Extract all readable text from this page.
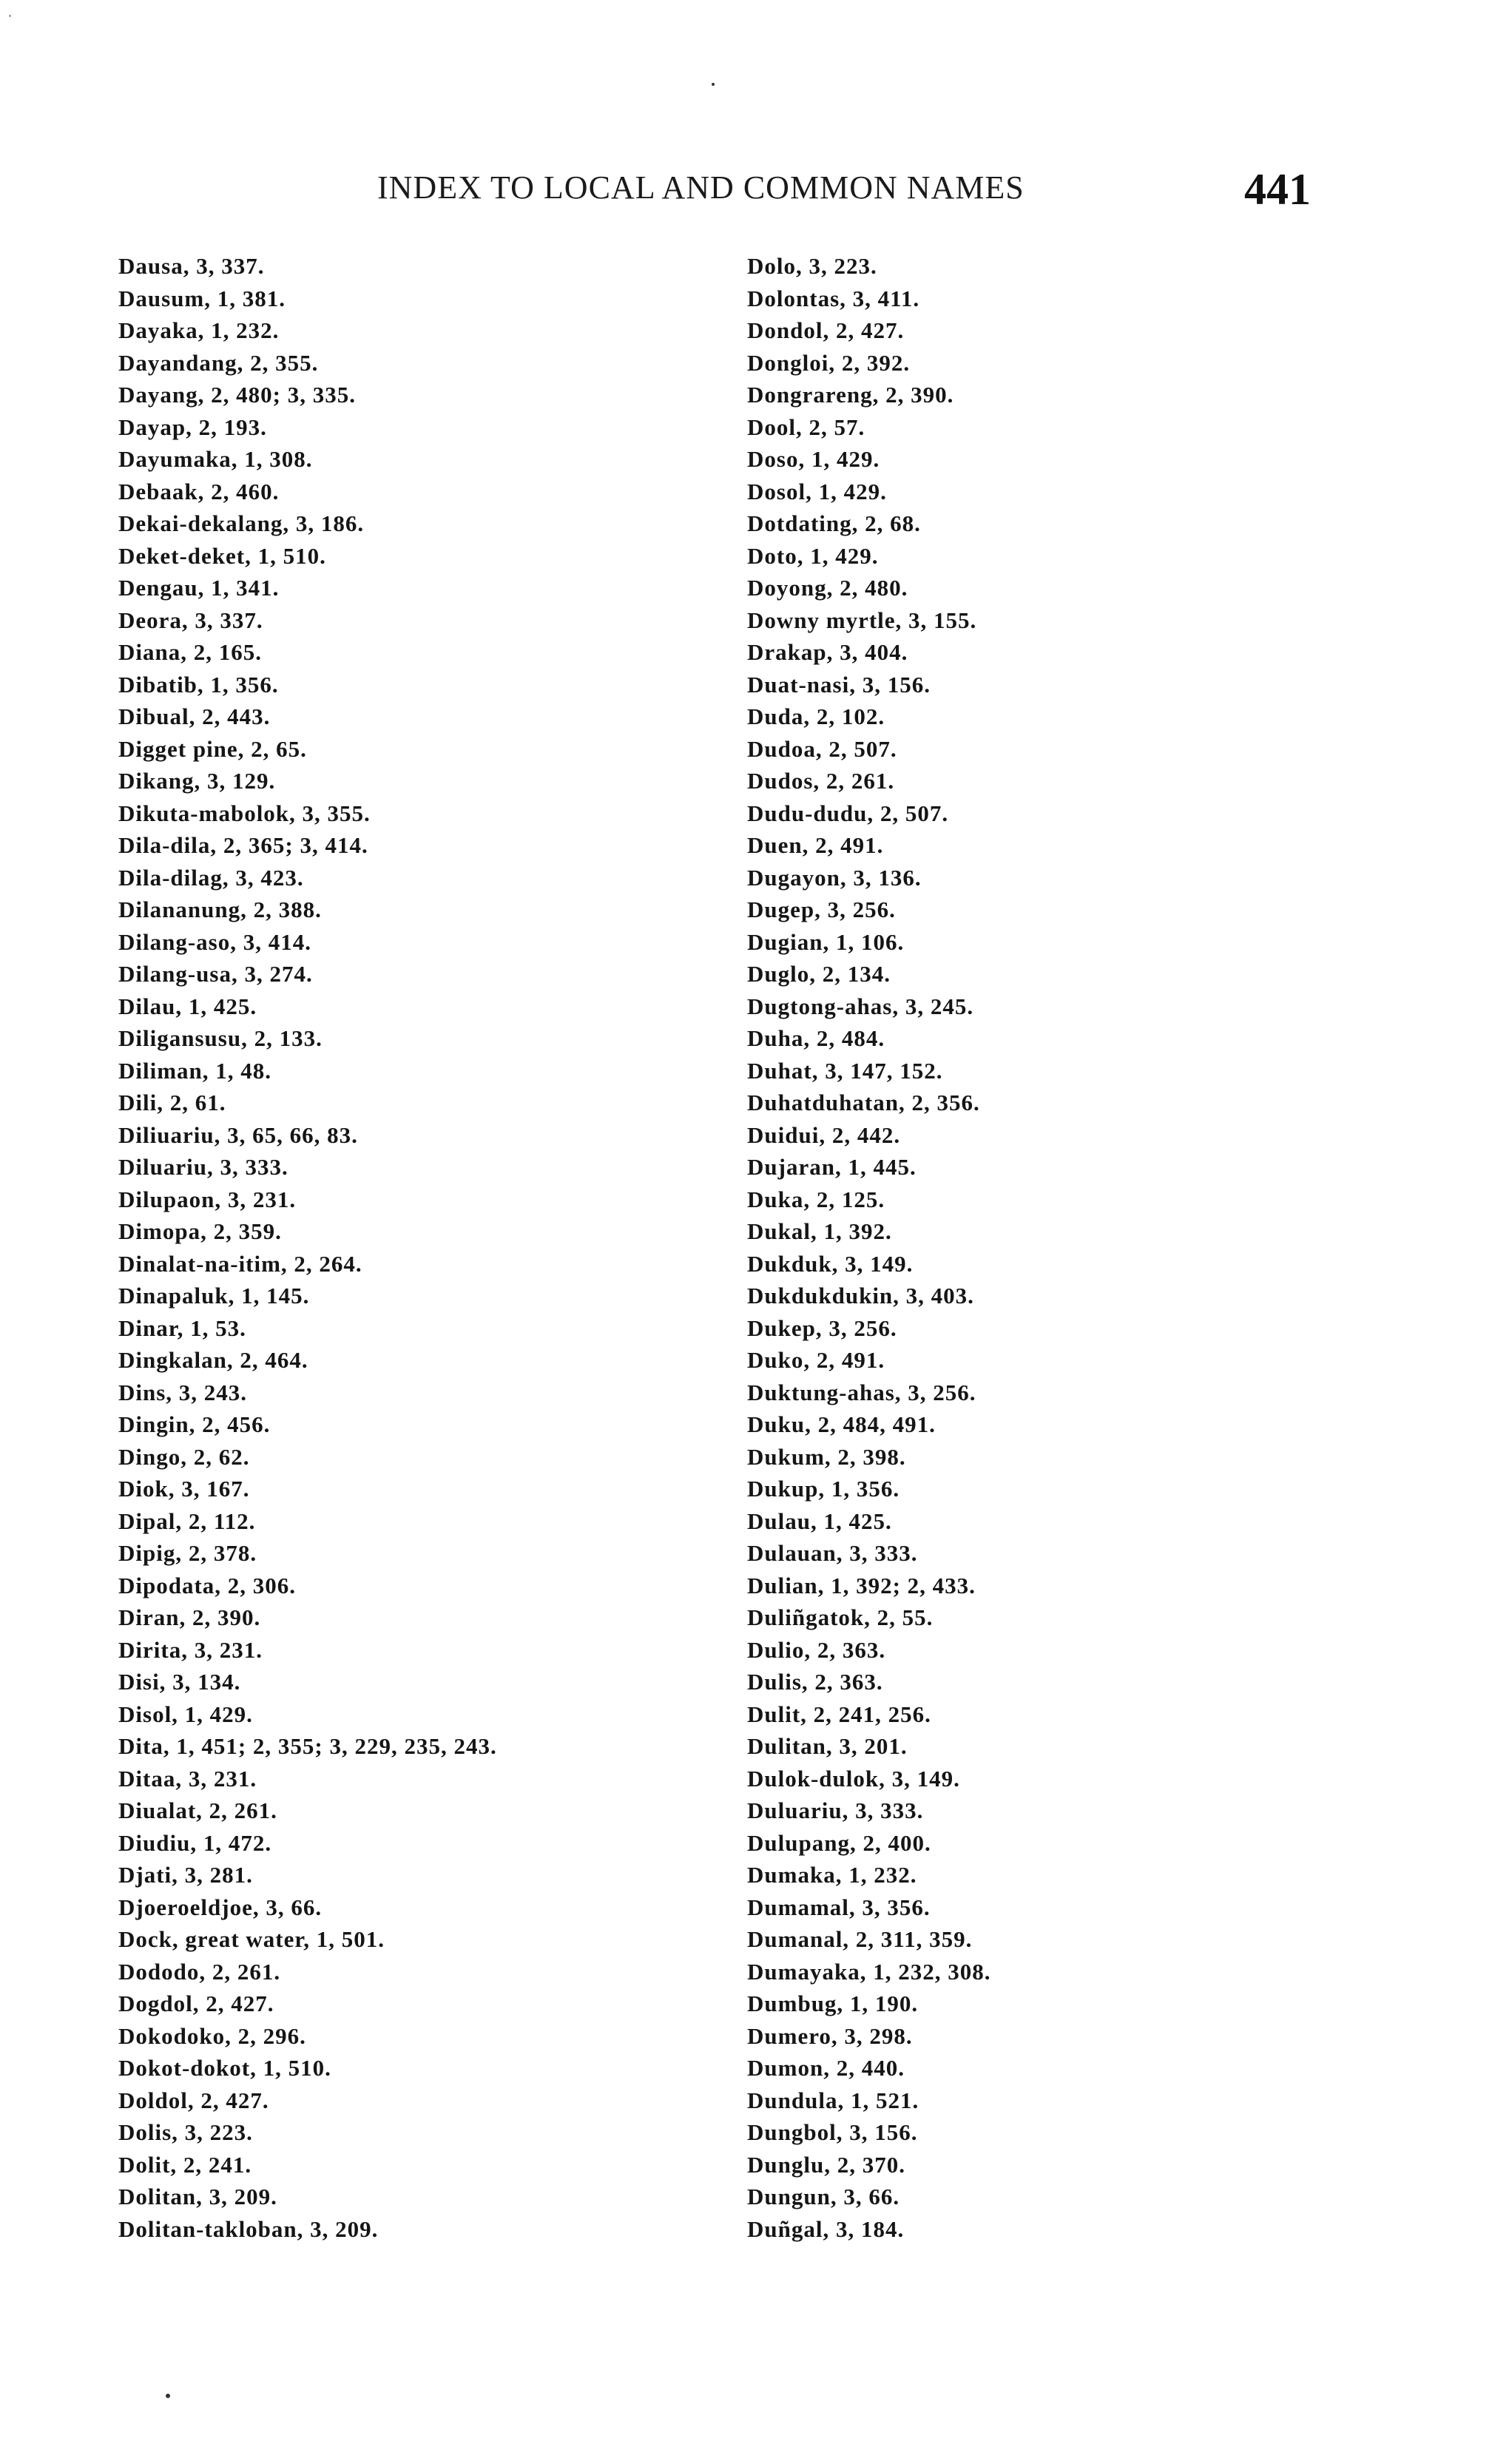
INDEX TO LOCAL AND COMMON NAMES	441
Dausa, 3, 337.
Dausum, 1, 381.
Dayaka, 1, 232.
Dayandang, 2, 355.
Dayang, 2, 480; 3, 335.
Dayap, 2, 193.
Dayumaka, 1, 308.
Debaak, 2, 460.
Dekai-dekalang, 3, 186.
Deket-deket, 1, 510.
Dengau, 1, 341.
Deora, 3, 337.
Diana, 2, 165.
Dibatib, 1, 356.
Dibual, 2, 443.
Digget pine, 2, 65.
Dikang, 3, 129.
Dikuta-mabolok, 3, 355.
Dila-dila, 2, 365; 3, 414.
Dila-dilag, 3, 423.
Dilananung, 2, 388.
Dilang-aso, 3, 414.
Dilang-usa, 3, 274.
Dilau, 1, 425.
Diligansusu, 2, 133.
Diliman, 1, 48.
Dili, 2, 61.
Diliuariu, 3, 65, 66, 83.
Diluariu, 3, 333.
Dilupaon, 3, 231.
Dimopa, 2, 359.
Dinalat-na-itim, 2, 264.
Dinapaluk, 1, 145.
Dinar, 1, 53.
Dingkalan, 2, 464.
Dins, 3, 243.
Dingin, 2, 456.
Dingo, 2, 62.
Diok, 3, 167.
Dipal, 2, 112.
Dipig, 2, 378.
Dipodata, 2, 306.
Diran, 2, 390.
Dirita, 3, 231.
Disi, 3, 134.
Disol, 1, 429.
Dita, 1, 451; 2, 355; 3, 229, 235, 243.
Ditaa, 3, 231.
Diualat, 2, 261.
Diudiu, 1, 472.
Djati, 3, 281.
Djoeroeldjoe, 3, 66.
Dock, great water, 1, 501.
Dododo, 2, 261.
Dogdol, 2, 427.
Dokodoko, 2, 296.
Dokot-dokot, 1, 510.
Doldol, 2, 427.
Dolis, 3, 223.
Dolit, 2, 241.
Dolitan, 3, 209.
Dolitan-takloban, 3, 209.
Dolo, 3, 223.
Dolontas, 3, 411.
Dondol, 2, 427.
Dongloi, 2, 392.
Dongrareng, 2, 390.
Dool, 2, 57.
Doso, 1, 429.
Dosol, 1, 429.
Dotdating, 2, 68.
Doto, 1, 429.
Doyong, 2, 480.
Downy myrtle, 3, 155.
Drakap, 3, 404.
Duat-nasi, 3, 156.
Duda, 2, 102.
Dudoa, 2, 507.
Dudos, 2, 261.
Dudu-dudu, 2, 507.
Duen, 2, 491.
Dugayon, 3, 136.
Dugep, 3, 256.
Dugian, 1, 106.
Duglo, 2, 134.
Dugtong-ahas, 3, 245.
Duha, 2, 484.
Duhat, 3, 147, 152.
Duhatduhatan, 2, 356.
Duidui, 2, 442.
Dujaran, 1, 445.
Duka, 2, 125.
Dukal, 1, 392.
Dukduk, 3, 149.
Dukdukdukin, 3, 403.
Dukep, 3, 256.
Duko, 2, 491.
Duktung-ahas, 3, 256.
Duku, 2, 484, 491.
Dukum, 2, 398.
Dukup, 1, 356.
Dulau, 1, 425.
Dulauan, 3, 333.
Dulian, 1, 392; 2, 433.
Duliñgatok, 2, 55.
Dulio, 2, 363.
Dulis, 2, 363.
Dulit, 2, 241, 256.
Dulitan, 3, 201.
Dulok-dulok, 3, 149.
Duluariu, 3, 333.
Dulupang, 2, 400.
Dumaka, 1, 232.
Dumamal, 3, 356.
Dumanal, 2, 311, 359.
Dumayaka, 1, 232, 308.
Dumbug, 1, 190.
Dumero, 3, 298.
Dumon, 2, 440.
Dundula, 1, 521.
Dungbol, 3, 156.
Dunglu, 2, 370.
Dungun, 3, 66.
Duñgal, 3, 184.
